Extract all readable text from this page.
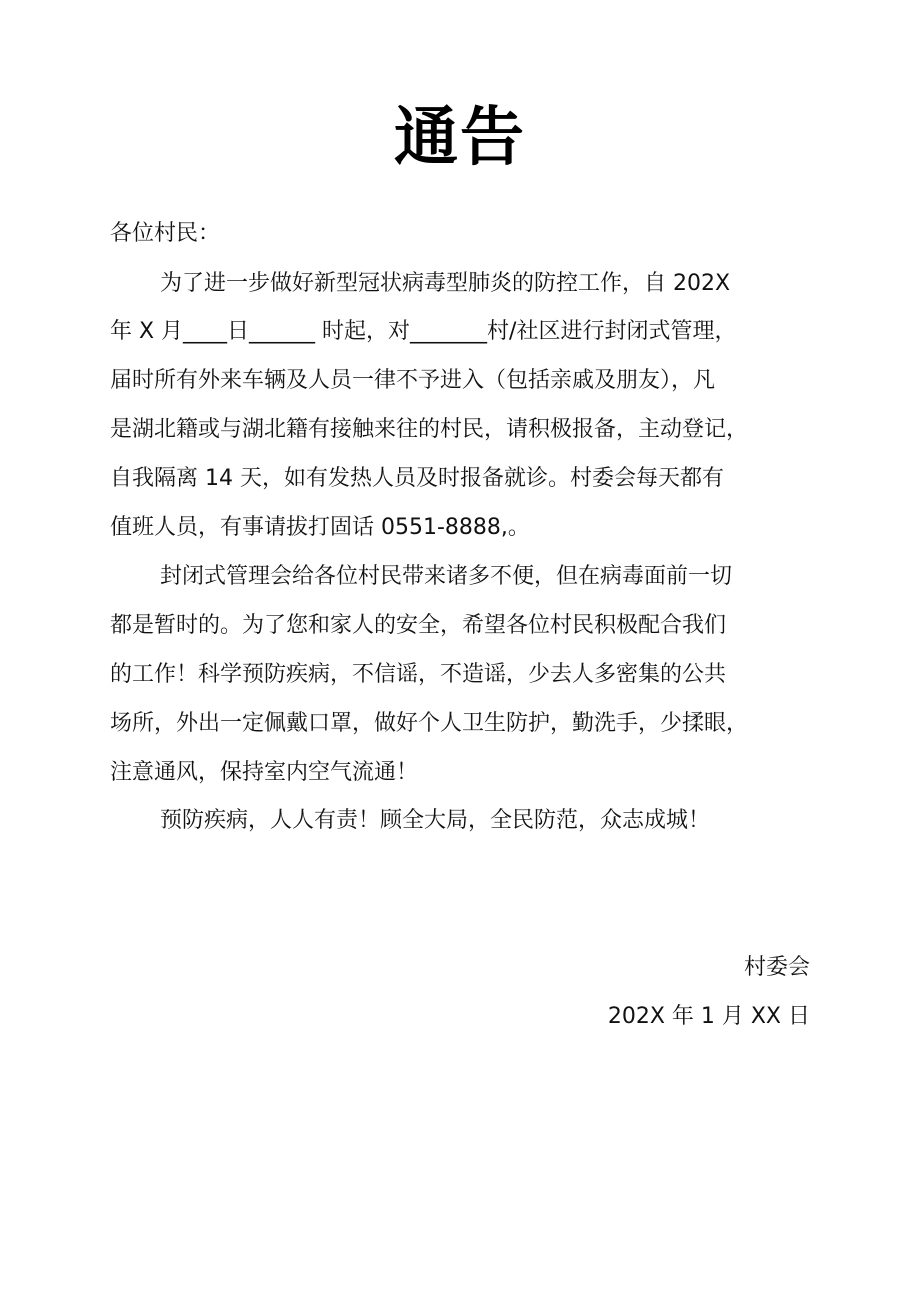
通告
各位村民：
为了进一步做好新型冠状病毒型肺炎的防控工作，自 202X
年 X 月____日______ 时起，对_______村/社区进行封闭式管理，
届时所有外来车辆及人员一律不予进入（包括亲戚及朋友），凡
是湖北籍或与湖北籍有接触来往的村民，请积极报备，主动登记，
自我隔离 14 天，如有发热人员及时报备就诊。村委会每天都有
值班人员，有事请拔打固话 0551-8888,。
封闭式管理会给各位村民带来诸多不便，但在病毒面前一切
都是暂时的。为了您和家人的安全，希望各位村民积极配合我们
的工作！科学预防疾病，不信谣，不造谣，少去人多密集的公共
场所，外出一定佩戴口罩，做好个人卫生防护，勤洗手，少揉眼，
注意通风，保持室内空气流通！
预防疾病，人人有责！顾全大局，全民防范，众志成城！
村委会
202X 年 1 月 XX 日
